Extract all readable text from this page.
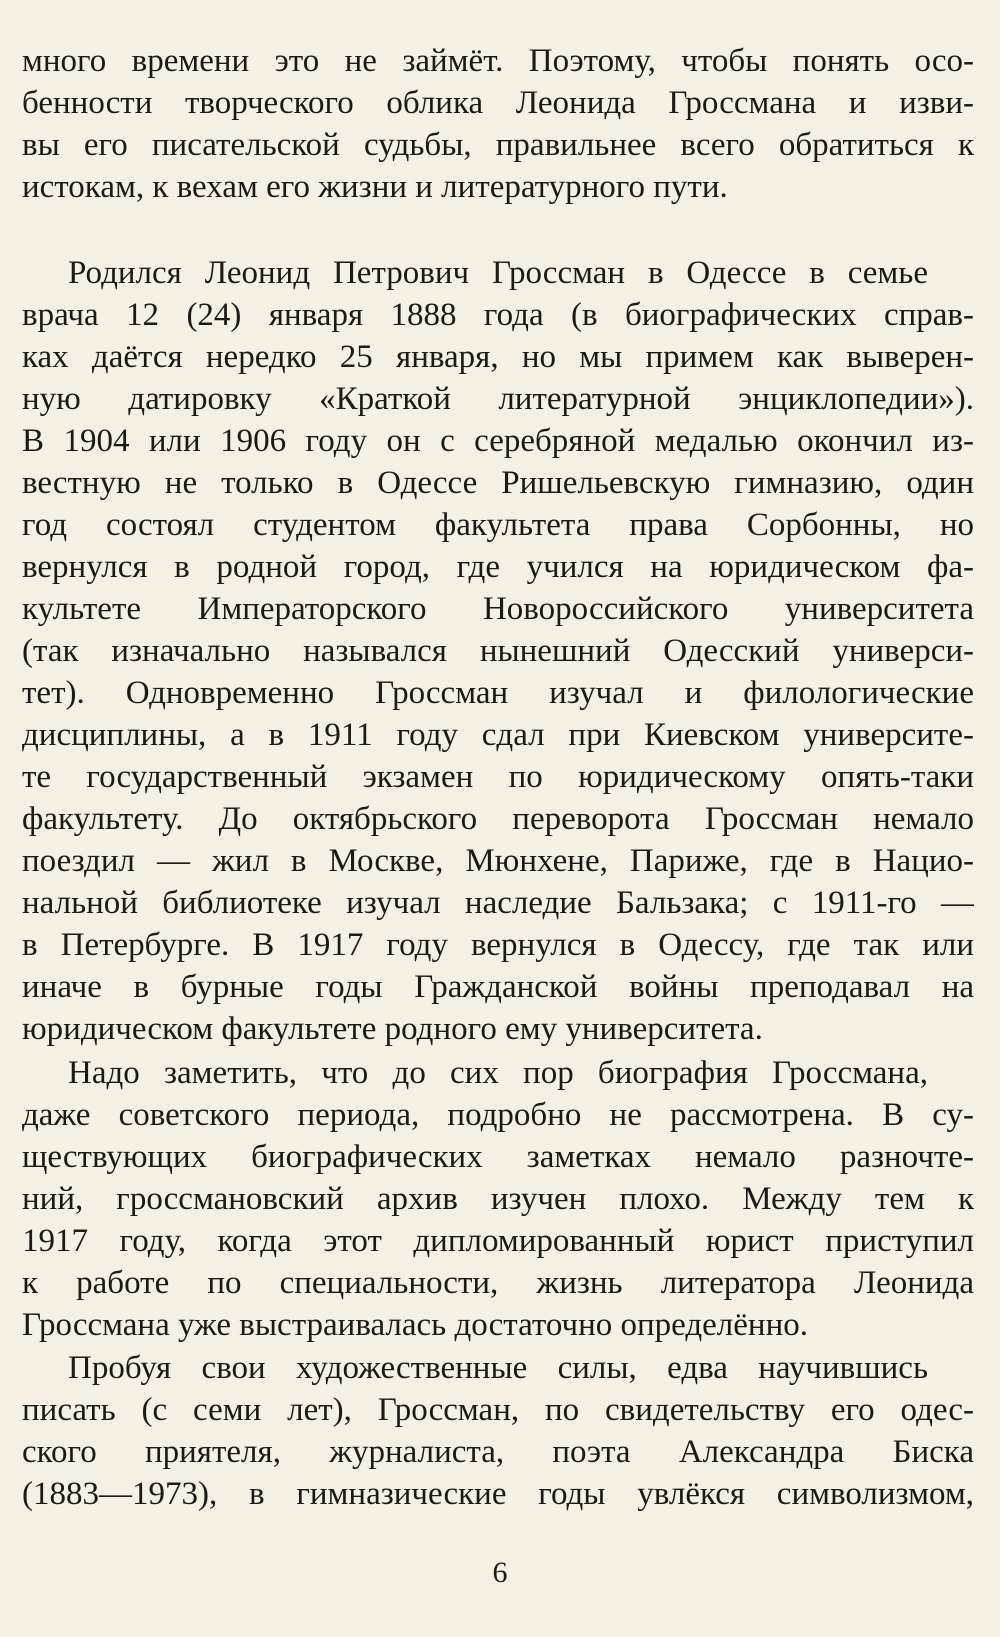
много времени это не займёт. Поэтому, чтобы понять осо-
бенности творческого облика Леонида Гроссмана и изви-
вы его писательской судьбы, правильнее всего обратиться к
истокам, к вехам его жизни и литературного пути.
Родился Леонид Петрович Гроссман в Одессе в семье
врача 12 (24) января 1888 года (в биографических справ-
ках даётся нередко 25 января, но мы примем как выверен-
ную датировку «Краткой литературной энциклопедии»).
В 1904 или 1906 году он с серебряной медалью окончил из-
вестную не только в Одессе Ришельевскую гимназию, один
год состоял студентом факультета права Сорбонны, но
вернулся в родной город, где учился на юридическом фа-
культете Императорского Новороссийского университета
(так изначально назывался нынешний Одесский универси-
тет). Одновременно Гроссман изучал и филологические
дисциплины, а в 1911 году сдал при Киевском университе-
те государственный экзамен по юридическому опять-таки
факультету. До октябрьского переворота Гроссман немало
поездил — жил в Москве, Мюнхене, Париже, где в Нацио-
нальной библиотеке изучал наследие Бальзака; с 1911-го —
в Петербурге. В 1917 году вернулся в Одессу, где так или
иначе в бурные годы Гражданской войны преподавал на
юридическом факультете родного ему университета.
Надо заметить, что до сих пор биография Гроссмана,
даже советского периода, подробно не рассмотрена. В су-
ществующих биографических заметках немало разночте-
ний, гроссмановский архив изучен плохо. Между тем к
1917 году, когда этот дипломированный юрист приступил
к работе по специальности, жизнь литератора Леонида
Гроссмана уже выстраивалась достаточно определённо.
Пробуя свои художественные силы, едва научившись
писать (с семи лет), Гроссман, по свидетельству его одес-
ского приятеля, журналиста, поэта Александра Биска
(1883—1973), в гимназические годы увлёкся символизмом,
6
